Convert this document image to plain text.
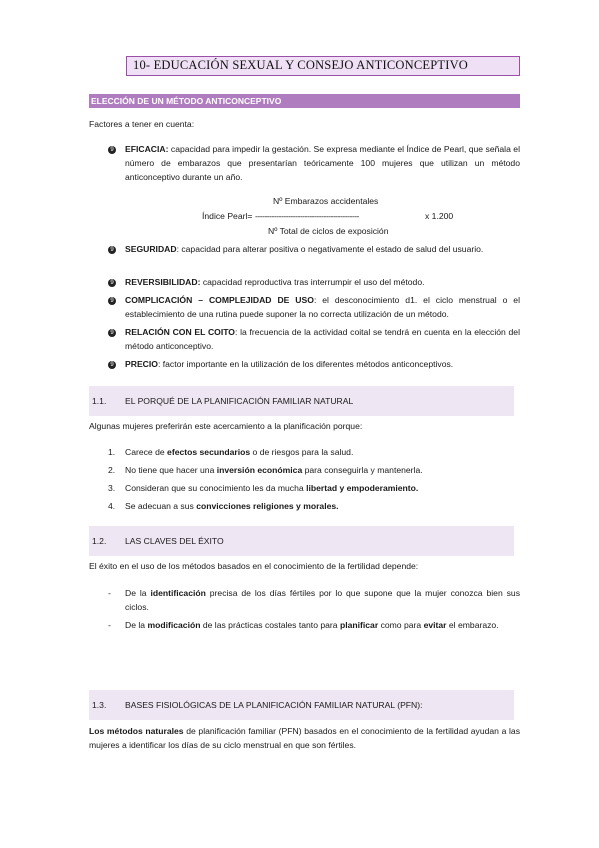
10- EDUCACIÓN SEXUAL Y CONSEJO ANTICONCEPTIVO
ELECCIÓN DE UN MÉTODO ANTICONCEPTIVO
Factores a tener en cuenta:
9 EFICACIA: capacidad para impedir la gestación. Se expresa mediante el Índice de Pearl, que señala el número de embarazos que presentarían teóricamente 100 mujeres que utilizan un método anticonceptivo durante un año.
Nº Embarazos accidentales
Índice Pearl= --------------------------------------------	x 1.200
Nº Total de ciclos de exposición
9 SEGURIDAD: capacidad para alterar positiva o negativamente el estado de salud del usuario.
9 REVERSIBILIDAD: capacidad reproductiva tras interrumpir el uso del método.
9 COMPLICACIÓN – COMPLEJIDAD DE USO: el desconocimiento d1. el ciclo menstrual o el establecimiento de una rutina puede suponer la no correcta utilización de un método.
9 RELACIÓN CON EL COITO: la frecuencia de la actividad coital se tendrá en cuenta en la elección del método anticonceptivo.
9 PRECIO: factor importante en la utilización de los diferentes métodos anticonceptivos.
1.1. EL PORQUÉ DE LA PLANIFICACIÓN FAMILIAR NATURAL
Algunas mujeres preferirán este acercamiento a la planificación porque:
1. Carece de efectos secundarios o de riesgos para la salud.
2. No tiene que hacer una inversión económica para conseguirla y mantenerla.
3. Consideran que su conocimiento les da mucha libertad y empoderamiento.
4. Se adecuan a sus convicciones religiones y morales.
1.2. LAS CLAVES DEL ÉXITO
El éxito en el uso de los métodos basados en el conocimiento de la fertilidad depende:
- De la identificación precisa de los días fértiles por lo que supone que la mujer conozca bien sus ciclos.
- De la modificación de las prácticas costales tanto para planificar como para evitar el embarazo.
1.3. BASES FISIOLÓGICAS DE LA PLANIFICACIÓN FAMILIAR NATURAL (PFN):
Los métodos naturales de planificación familiar (PFN) basados en el conocimiento de la fertilidad ayudan a las mujeres a identificar los días de su ciclo menstrual en que son fértiles.
